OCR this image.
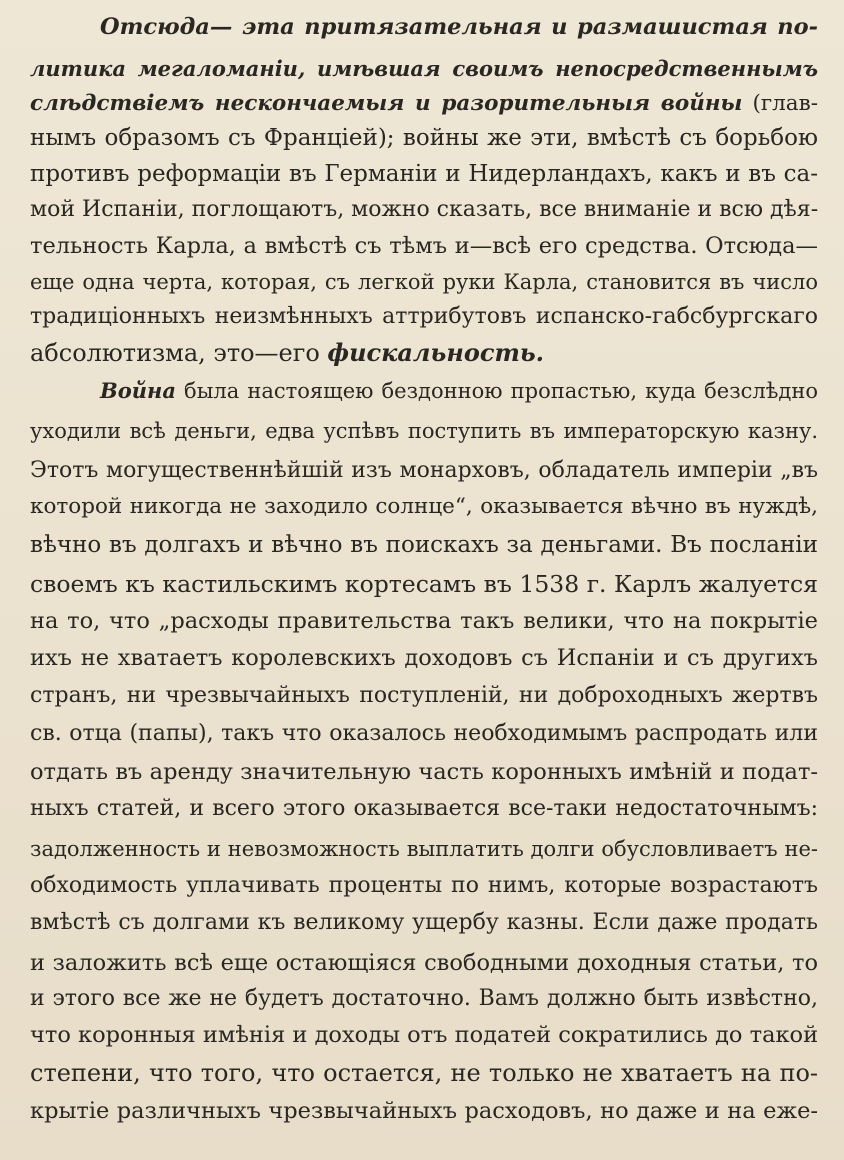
Отсюда— эта притязательная и размашистая по-
литика мегаломаніи, имѣвшая своимъ непосредственнымъ
слѣдствіемъ нескончаемыя и разорительныя войны (глав-
нымъ образомъ съ Франціей); войны же эти, вмѣстѣ съ борьбою
противъ реформаціи въ Германіи и Нидерландахъ, какъ и въ са-
мой Испаніи, поглощаютъ, можно сказать, все вниманіе и всю дѣя-
тельность Карла, а вмѣстѣ съ тѣмъ и—всѣ его средства. Отсюда—
еще одна черта, которая, съ легкой руки Карла, становится въ число
традиціонныхъ неизмѣнныхъ аттрибутовъ испанско-габсбургскаго
абсолютизма, это—его фискальность.
Война была настоящею бездонною пропастью, куда безслѣдно
уходили всѣ деньги, едва успѣвъ поступить въ императорскую казну.
Этотъ могущественнѣйшій изъ монарховъ, обладатель имперіи „въ
которой никогда не заходило солнце“, оказывается вѣчно въ нуждѣ,
вѣчно въ долгахъ и вѣчно въ поискахъ за деньгами. Въ посланіи
своемъ къ кастильскимъ кортесамъ въ 1538 г. Карлъ жалуется
на то, что „расходы правительства такъ велики, что на покрытіе
ихъ не хватаетъ королевскихъ доходовъ съ Испаніи и съ другихъ
странъ, ни чрезвычайныхъ поступленій, ни доброходныхъ жертвъ
св. отца (папы), такъ что оказалось необходимымъ распродать или
отдать въ аренду значительную часть коронныхъ имѣній и подат-
ныхъ статей, и всего этого оказывается все-таки недостаточнымъ:
задолженность и невозможность выплатить долги обусловливаетъ не-
обходимость уплачивать проценты по нимъ, которые возрастаютъ
вмѣстѣ съ долгами къ великому ущербу казны. Если даже продать
и заложить всѣ еще остающіяся свободными доходныя статьи, то
и этого все же не будетъ достаточно. Вамъ должно быть извѣстно,
что коронныя имѣнія и доходы отъ податей сократились до такой
степени, что того, что остается, не только не хватаетъ на по-
крытіе различныхъ чрезвычайныхъ расходовъ, но даже и на еже-
